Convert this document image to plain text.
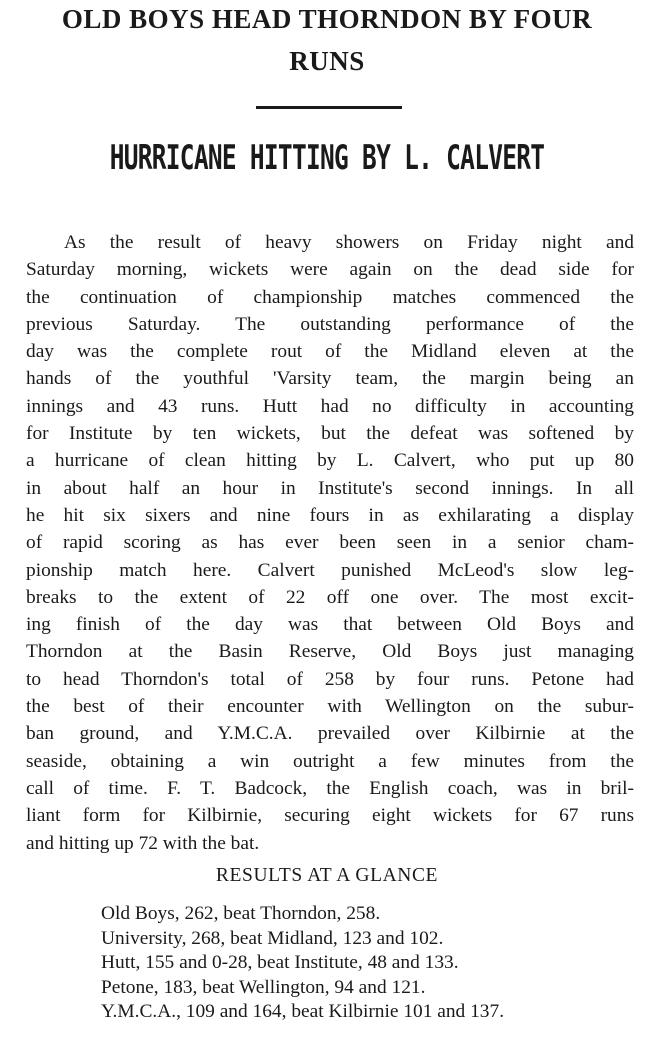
OLD BOYS HEAD THORNDON BY FOUR
RUNS
HURRICANE HITTING BY L. CALVERT
As the result of heavy showers on Friday night and
Saturday morning, wickets were again on the dead side for
the continuation of championship matches commenced the
previous Saturday. The outstanding performance of the
day was the complete rout of the Midland eleven at the
hands of the youthful 'Varsity team, the margin being an
innings and 43 runs. Hutt had no difficulty in accounting
for Institute by ten wickets, but the defeat was softened by
a hurricane of clean hitting by L. Calvert, who put up 80
in about half an hour in Institute's second innings. In all
he hit six sixers and nine fours in as exhilarating a display
of rapid scoring as has ever been seen in a senior cham-
pionship match here. Calvert punished McLeod's slow leg-
breaks to the extent of 22 off one over. The most excit-
ing finish of the day was that between Old Boys and
Thorndon at the Basin Reserve, Old Boys just managing
to head Thorndon's total of 258 by four runs. Petone had
the best of their encounter with Wellington on the subur-
ban ground, and Y.M.C.A. prevailed over Kilbirnie at the
seaside, obtaining a win outright a few minutes from the
call of time. F. T. Badcock, the English coach, was in bril-
liant form for Kilbirnie, securing eight wickets for 67 runs
and hitting up 72 with the bat.
RESULTS AT A GLANCE
Old Boys, 262, beat Thorndon, 258.
University, 268, beat Midland, 123 and 102.
Hutt, 155 and 0-28, beat Institute, 48 and 133.
Petone, 183, beat Wellington, 94 and 121.
Y.M.C.A., 109 and 164, beat Kilbirnie 101 and 137.
